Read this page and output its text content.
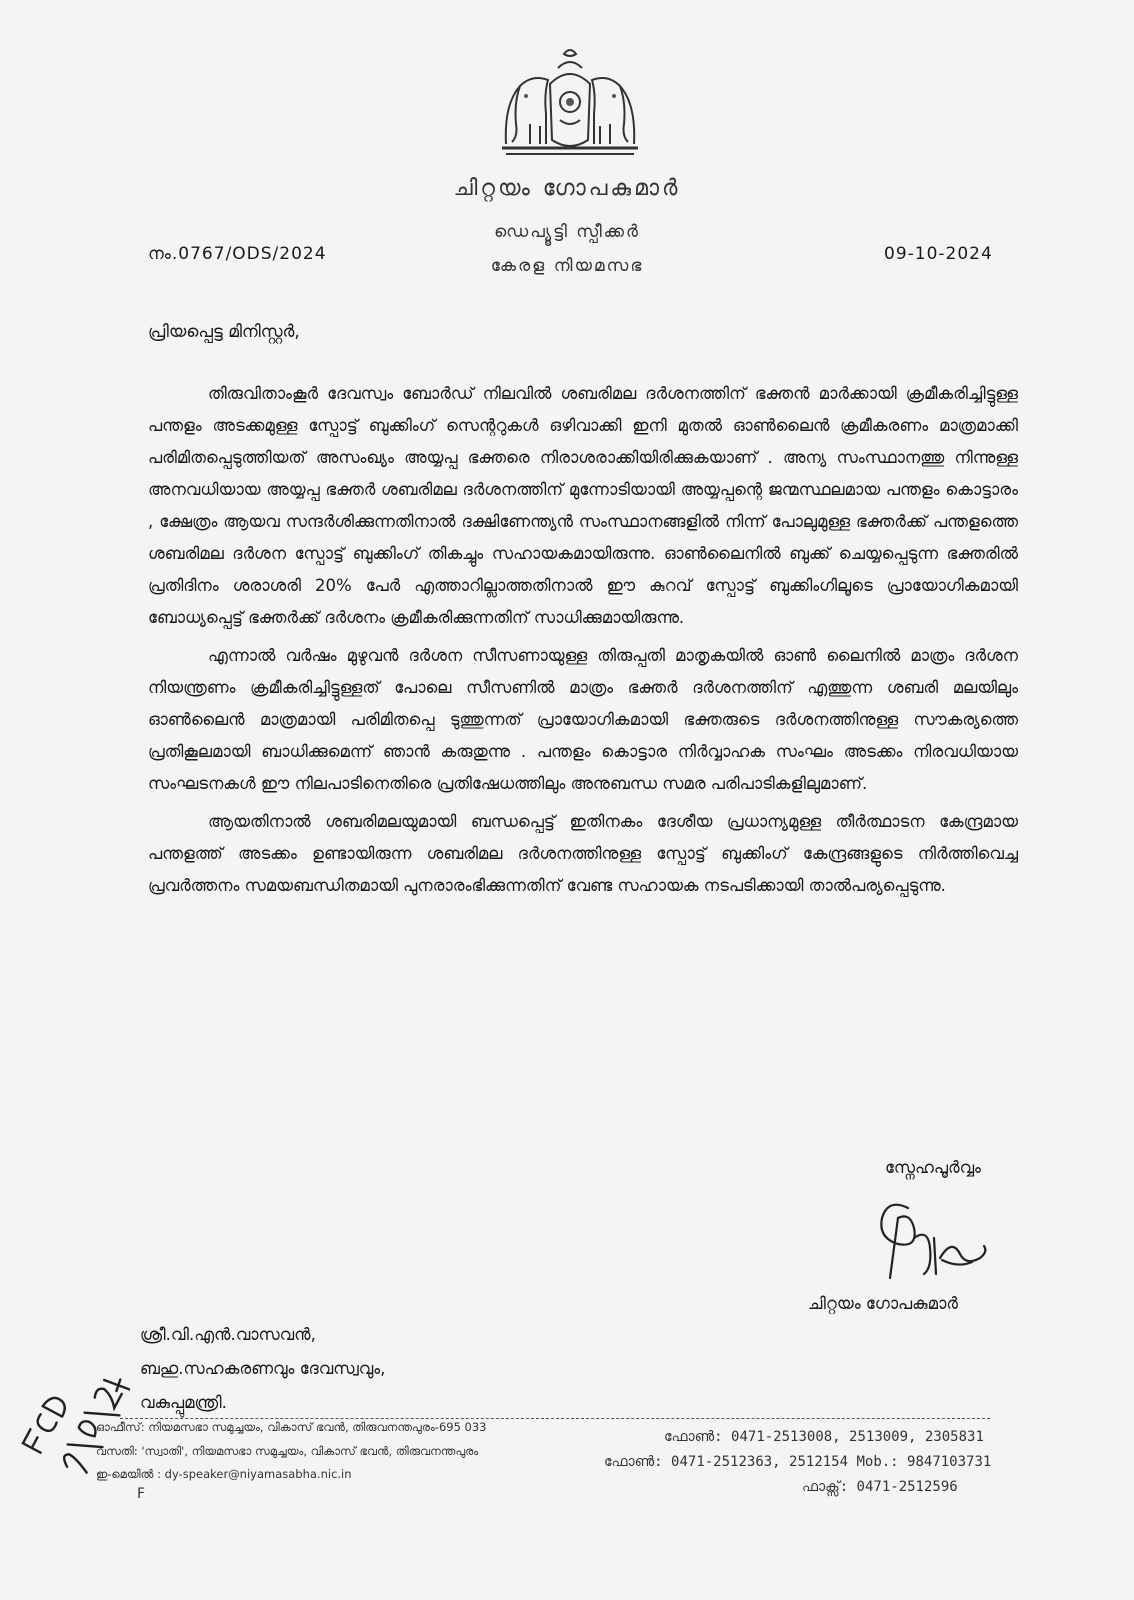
ചിറ്റയം ഗോപകുമാർ
ഡെപ്യൂട്ടി സ്പീക്കർ
കേരള നിയമസഭ
നം.0767/ODS/2024	09-10-2024
പ്രിയപ്പെട്ട മിനിസ്റ്റർ,

തിരുവിതാംകൂർ ദേവസ്വം ബോർഡ് നിലവിൽ ശബരിമല ദർശനത്തിന് ഭക്തൻ മാർക്കായി ക്രമീകരിച്ചിട്ടുള്ള പന്തളം അടക്കമുള്ള സ്പോട്ട് ബുക്കിംഗ് സെന്ററുകൾ ഒഴിവാക്കി ഇനി മുതൽ ഓൺലൈൻ ക്രമീകരണം മാത്രമാക്കി പരിമിതപ്പെടുത്തിയത് അസംഖ്യം അയ്യപ്പ ഭക്തരെ നിരാശരാക്കിയിരിക്കുകയാണ് . അന്യ സംസ്ഥാനത്തു നിന്നുള്ള അനവധിയായ അയ്യപ്പ ഭക്തർ ശബരിമല ദർശനത്തിന് മുന്നോടിയായി അയ്യപ്പന്റെ ജന്മസ്ഥലമായ പന്തളം കൊട്ടാരം , ക്ഷേത്രം ആയവ സന്ദർശിക്കുന്നതിനാൽ ദക്ഷിണേന്ത്യൻ സംസ്ഥാനങ്ങളിൽ നിന്ന് പോലുമുള്ള ഭക്തർക്ക് പന്തളത്തെ ശബരിമല ദർശന സ്പോട്ട് ബുക്കിംഗ് തികച്ചും സഹായകമായിരുന്നു. ഓൺലൈനിൽ ബുക്ക് ചെയ്യപ്പെടുന്ന ഭക്തരിൽ പ്രതിദിനം ശരാശരി 20% പേർ എത്താറില്ലാത്തതിനാൽ ഈ കുറവ് സ്പോട്ട് ബുക്കിംഗിലൂടെ പ്രായോഗികമായി ബോധ്യപ്പെട്ട് ഭക്തർക്ക് ദർശനം ക്രമീകരിക്കുന്നതിന് സാധിക്കുമായിരുന്നു.

എന്നാൽ വർഷം മുഴുവൻ ദർശന സീസണായുള്ള തിരുപ്പതി മാതൃകയിൽ ഓൺ ലൈനിൽ മാത്രം ദർശന നിയന്ത്രണം ക്രമീകരിച്ചിട്ടുള്ളത് പോലെ സീസണിൽ മാത്രം ഭക്തർ ദർശനത്തിന് എത്തുന്ന ശബരി മലയിലും ഓൺലൈൻ മാത്രമായി പരിമിതപ്പെ ടുത്തുന്നത് പ്രായോഗികമായി ഭക്തരുടെ ദർശനത്തിനുള്ള സൗകര്യത്തെ പ്രതികൂലമായി ബാധിക്കുമെന്ന് ഞാൻ കരുതുന്നു . പന്തളം കൊട്ടാര നിർവ്വാഹക സംഘം അടക്കം നിരവധിയായ സംഘടനകൾ ഈ നിലപാടിനെതിരെ പ്രതിഷേധത്തിലും അനുബന്ധ സമര പരിപാടികളിലുമാണ്.

ആയതിനാൽ ശബരിമലയുമായി ബന്ധപ്പെട്ട് ഇതിനകം ദേശീയ പ്രധാന്യമുള്ള തീർത്ഥാടന കേന്ദ്രമായ പന്തളത്ത് അടക്കം ഉണ്ടായിരുന്ന ശബരിമല ദർശനത്തിനുള്ള സ്പോട്ട് ബുക്കിംഗ് കേന്ദ്രങ്ങളുടെ നിർത്തിവെച്ച പ്രവർത്തനം സമയബന്ധിതമായി പുനരാരംഭിക്കുന്നതിന് വേണ്ട സഹായക നടപടിക്കായി താൽപര്യപ്പെടുന്നു.

സ്നേഹപൂർവ്വം
ചിറ്റയം ഗോപകുമാർ
ശ്രീ.വി.എൻ.വാസവൻ,
ബഹു.സഹകരണവും ദേവസ്വവും,
വകുപ്പുമന്ത്രി.
ഓഫീസ്: നിയമസഭാ സമുച്ചയം, വികാസ് ഭവൻ, തിരുവനന്തപുരം-695 033
വസതി: 'സ്വാതി', നിയമസഭാ സമുച്ചയം, വികാസ് ഭവൻ, തിരുവനന്തപുരം
ഇ-മെയിൽ : dy-speaker@niyamasabha.nic.in
ഫോൺ: 0471-2513008, 2513009, 2305831
ഫോൺ: 0471-2512363, 2512154 Mob.: 9847103731
ഫാക്സ്: 0471-2512596
F
